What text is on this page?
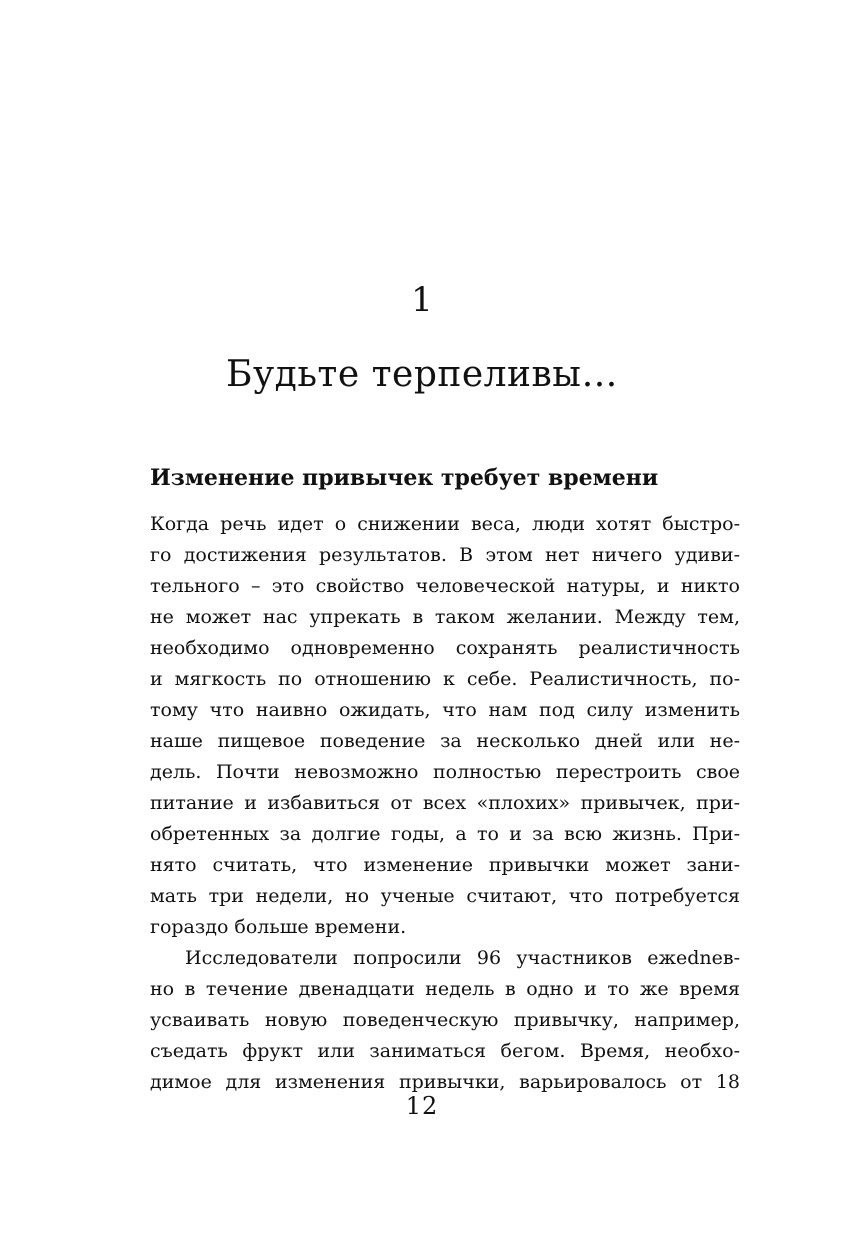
1
Будьте терпеливы…
Изменение привычек требует времени

Когда речь идет о снижении веса, люди хотят быстро-
го достижения результатов. В этом нет ничего удиви-
тельного – это свойство человеческой натуры, и никто
не может нас упрекать в таком желании. Между тем,
необходимо одновременно сохранять реалистичность
и мягкость по отношению к себе. Реалистичность, по-
тому что наивно ожидать, что нам под силу изменить
наше пищевое поведение за несколько дней или не-
дель. Почти невозможно полностью перестроить свое
питание и избавиться от всех «плохих» привычек, при-
обретенных за долгие годы, а то и за всю жизнь. При-
нято считать, что изменение привычки может зани-
мать три недели, но ученые считают, что потребуется
гораздо больше времени.

Исследователи попросили 96 участников ежednев-
но в течение двенадцати недель в одно и то же время
усваивать новую поведенческую привычку, например,
съедать фрукт или заниматься бегом. Время, необхо-
димое для изменения привычки, варьировалось от 18

12
